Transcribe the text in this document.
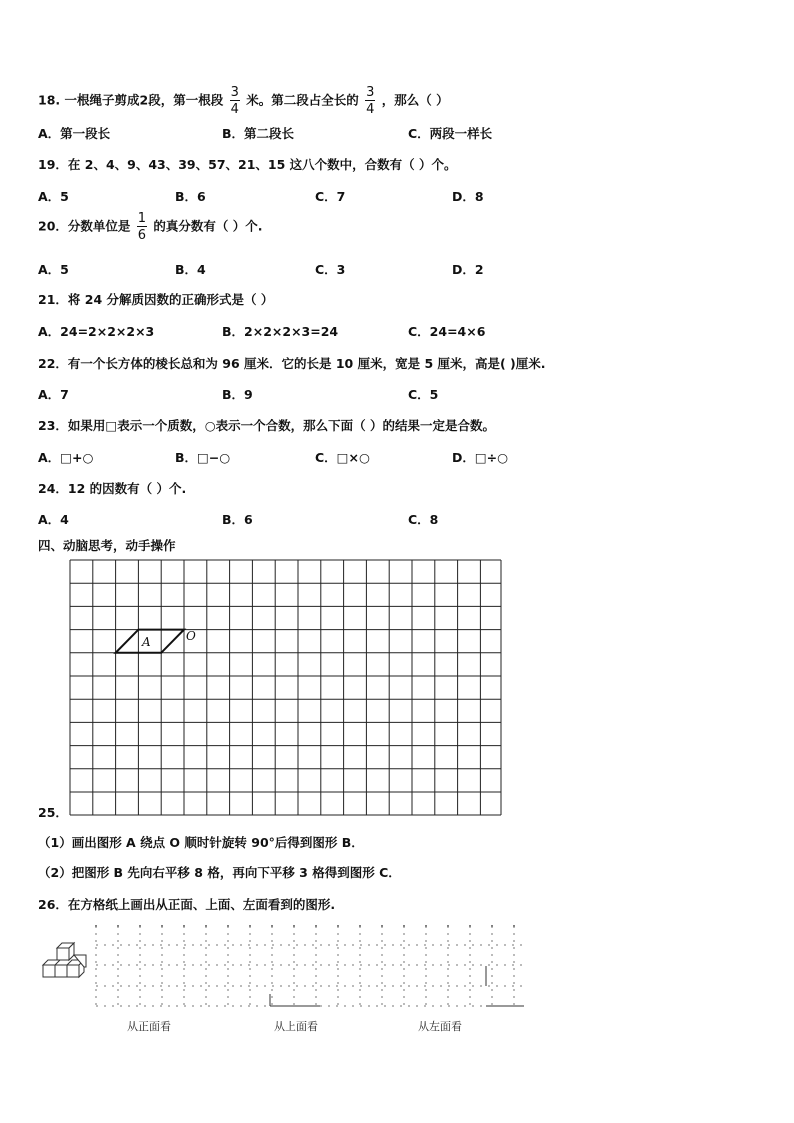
18. 一根绳子剪成2段，第一根段 $\frac{3}{4}$ 米。第二段占全长的 $\frac{3}{4}$ ，那么（ ）
A．第一段长	B．第二段长	C．两段一样长
19．在 2、4、9、43、39、57、21、15 这八个数中，合数有（ ）个。
A．5	B．6	C．7	D．8
20．分数单位是 $\frac{1}{6}$ 的真分数有（ ）个.
A．5	B．4	C．3	D．2
21．将 24 分解质因数的正确形式是（ ）
A．24=2×2×2×3	B．2×2×2×3=24	C．24=4×6
22．有一个长方体的棱长总和为 96 厘米．它的长是 10 厘米，宽是 5 厘米，高是( )厘米.
A．7	B．9	C．5
23．如果用□表示一个质数，○表示一个合数，那么下面（ ）的结果一定是合数。
A．□+○	B．□−○	C．□×○	D．□÷○
24．12 的因数有（ ）个.
A．4	B．6	C．8
四、动脑思考，动手操作
A	O
25．
（1）画出图形 A 绕点 O 顺时针旋转 90°后得到图形 B．
（2）把图形 B 先向右平移 8 格，再向下平移 3 格得到图形 C．
26．在方格纸上画出从正面、上面、左面看到的图形.
从正面看	从上面看	从左面看
